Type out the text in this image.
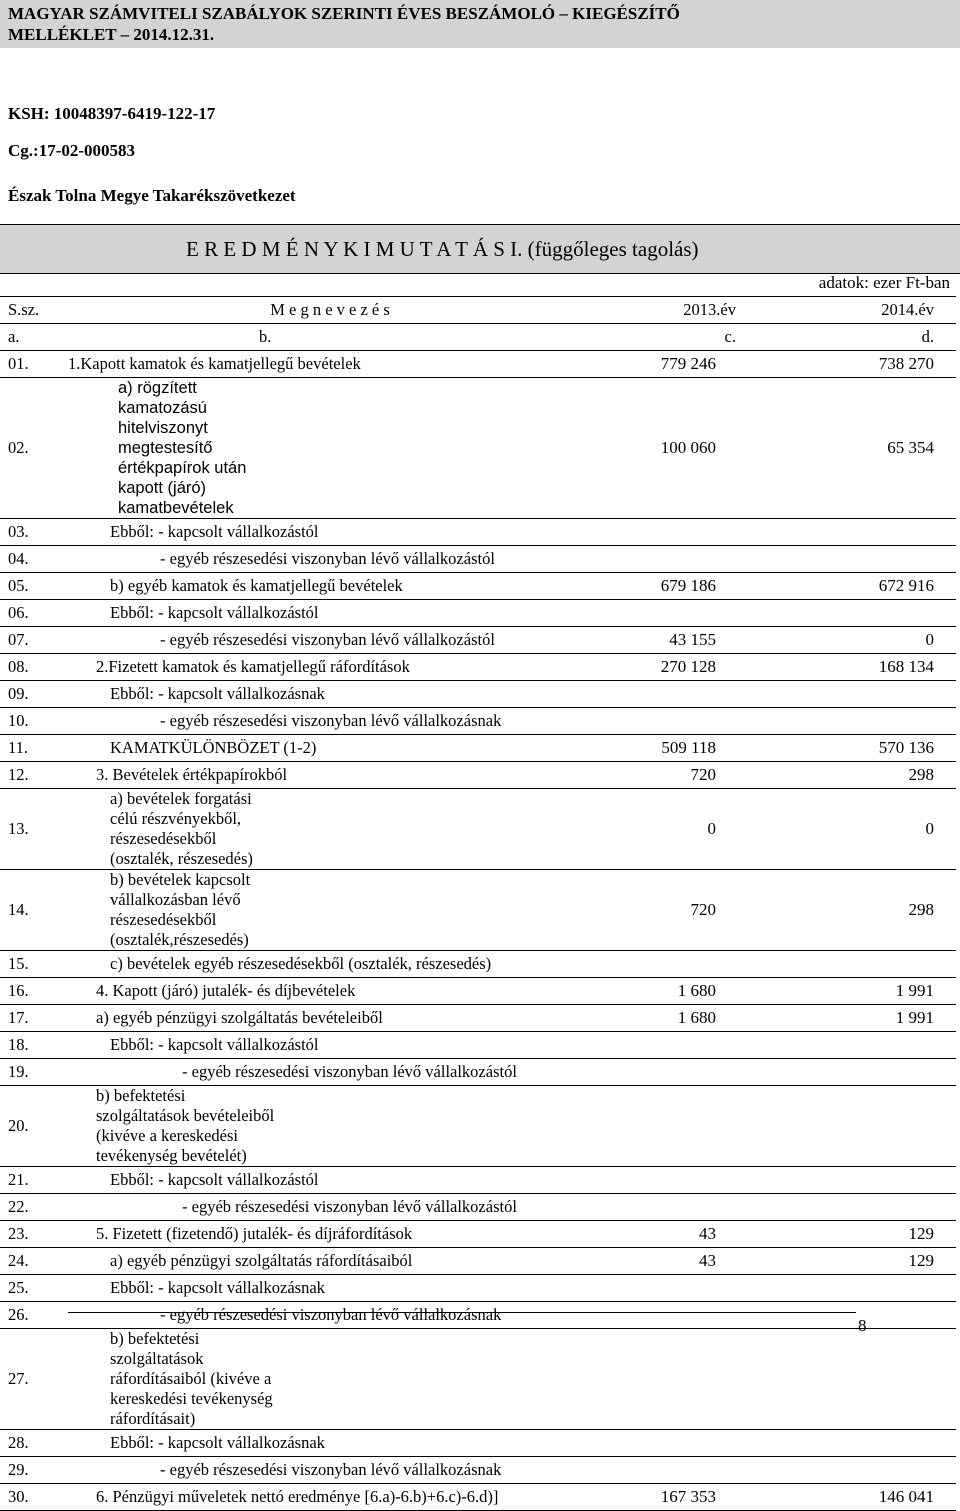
MAGYAR SZÁMVITELI SZABÁLYOK SZERINTI ÉVES BESZÁMOLÓ – KIEGÉSZÍTŐ
MELLÉKLET – 2014.12.31.
KSH: 10048397-6419-122-17
Cg.:17-02-000583
Észak Tolna Megye Takarékszövetkezet
E R E D M É N Y K I M U T A T Á S I. (függőleges tagolás)
adatok: ezer Ft-ban
S.sz.	M e g n e v e z é s	2013.év	2014.év
a.	b.	c.	d.
01.	1.Kapott kamatok és kamatjellegű bevételek	779 246	738 270
02.	a) rögzített kamatozású hitelviszonyt megtestesítő értékpapírok után kapott (járó) kamatbevételek	100 060	65 354
03.	Ebből: - kapcsolt vállalkozástól		
04.	- egyéb részesedési viszonyban lévő vállalkozástól		
05.	b) egyéb kamatok és kamatjellegű bevételek	679 186	672 916
06.	Ebből: - kapcsolt vállalkozástól		
07.	- egyéb részesedési viszonyban lévő vállalkozástól	43 155	0
08.	2.Fizetett kamatok és kamatjellegű ráfordítások	270 128	168 134
09.	Ebből: - kapcsolt vállalkozásnak		
10.	- egyéb részesedési viszonyban lévő vállalkozásnak		
11.	KAMATKÜLÖNBÖZET (1-2)	509 118	570 136
12.	3. Bevételek értékpapírokból	720	298
13.	a) bevételek forgatási célú részvényekből, részesedésekből (osztalék, részesedés)	0	0
14.	b) bevételek kapcsolt vállalkozásban lévő részesedésekből (osztalék,részesedés)	720	298
15.	c) bevételek egyéb részesedésekből (osztalék, részesedés)		
16.	4. Kapott (járó) jutalék- és díjbevételek	1 680	1 991
17.	a) egyéb pénzügyi szolgáltatás bevételeiből	1 680	1 991
18.	Ebből: - kapcsolt vállalkozástól		
19.	- egyéb részesedési viszonyban lévő vállalkozástól		
20.	b) befektetési szolgáltatások bevételeiből (kivéve a kereskedési tevékenység bevételét)		
21.	Ebből: - kapcsolt vállalkozástól		
22.	- egyéb részesedési viszonyban lévő vállalkozástól		
23.	5. Fizetett (fizetendő) jutalék- és díjráfordítások	43	129
24.	a) egyéb pénzügyi szolgáltatás ráfordításaiból	43	129
25.	Ebből: - kapcsolt vállalkozásnak		
26.	- egyéb részesedési viszonyban lévő vállalkozásnak		
27.	b) befektetési szolgáltatások ráfordításaiból (kivéve a kereskedési tevékenység ráfordításait)		
28.	Ebből: - kapcsolt vállalkozásnak		
29.	- egyéb részesedési viszonyban lévő vállalkozásnak		
30.	6. Pénzügyi műveletek nettó eredménye [6.a)-6.b)+6.c)-6.d)]	167 353	146 041
8
